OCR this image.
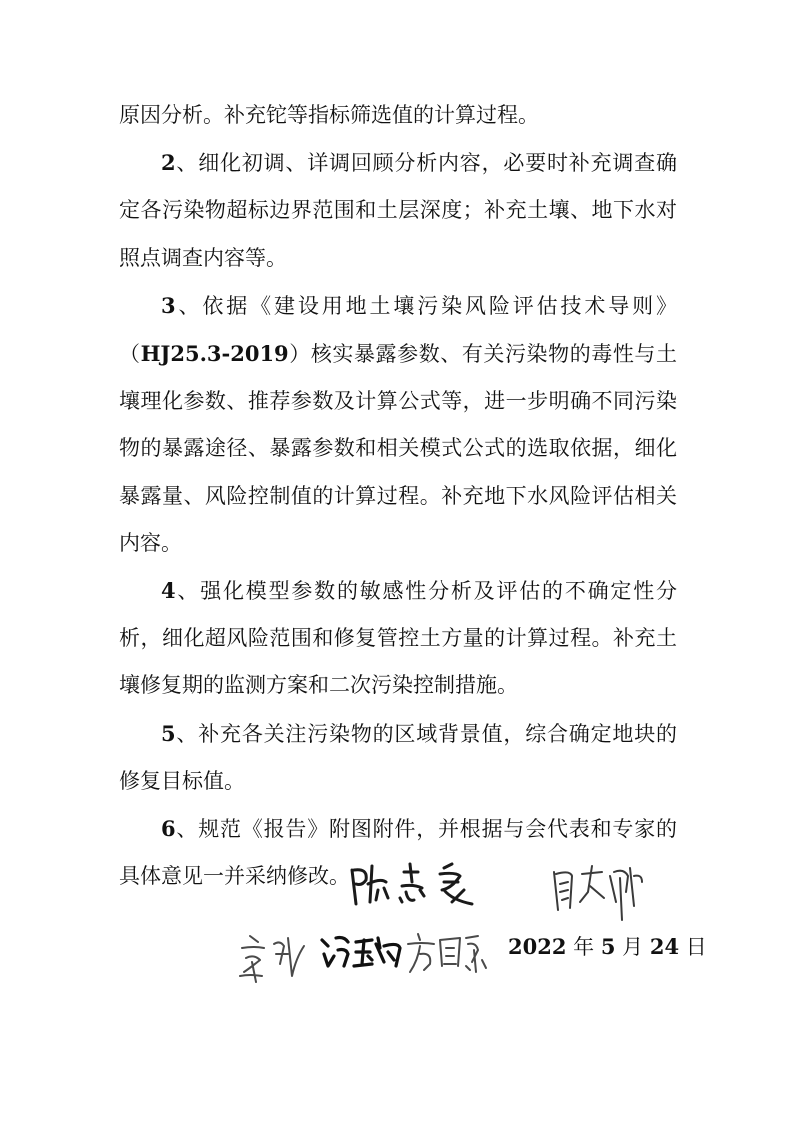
原因分析。补充铊等指标筛选值的计算过程。

2、细化初调、详调回顾分析内容，必要时补充调查确定各污染物超标边界范围和土层深度；补充土壤、地下水对照点调查内容等。

3、依据《建设用地土壤污染风险评估技术导则》（HJ25.3-2019）核实暴露参数、有关污染物的毒性与土壤理化参数、推荐参数及计算公式等，进一步明确不同污染物的暴露途径、暴露参数和相关模式公式的选取依据，细化暴露量、风险控制值的计算过程。补充地下水风险评估相关内容。

4、强化模型参数的敏感性分析及评估的不确定性分析，细化超风险范围和修复管控土方量的计算过程。补充土壤修复期的监测方案和二次污染控制措施。

5、补充各关注污染物的区域背景值，综合确定地块的修复目标值。

6、规范《报告》附图附件，并根据与会代表和专家的具体意见一并采纳修改。

2022 年 5 月 24 日
